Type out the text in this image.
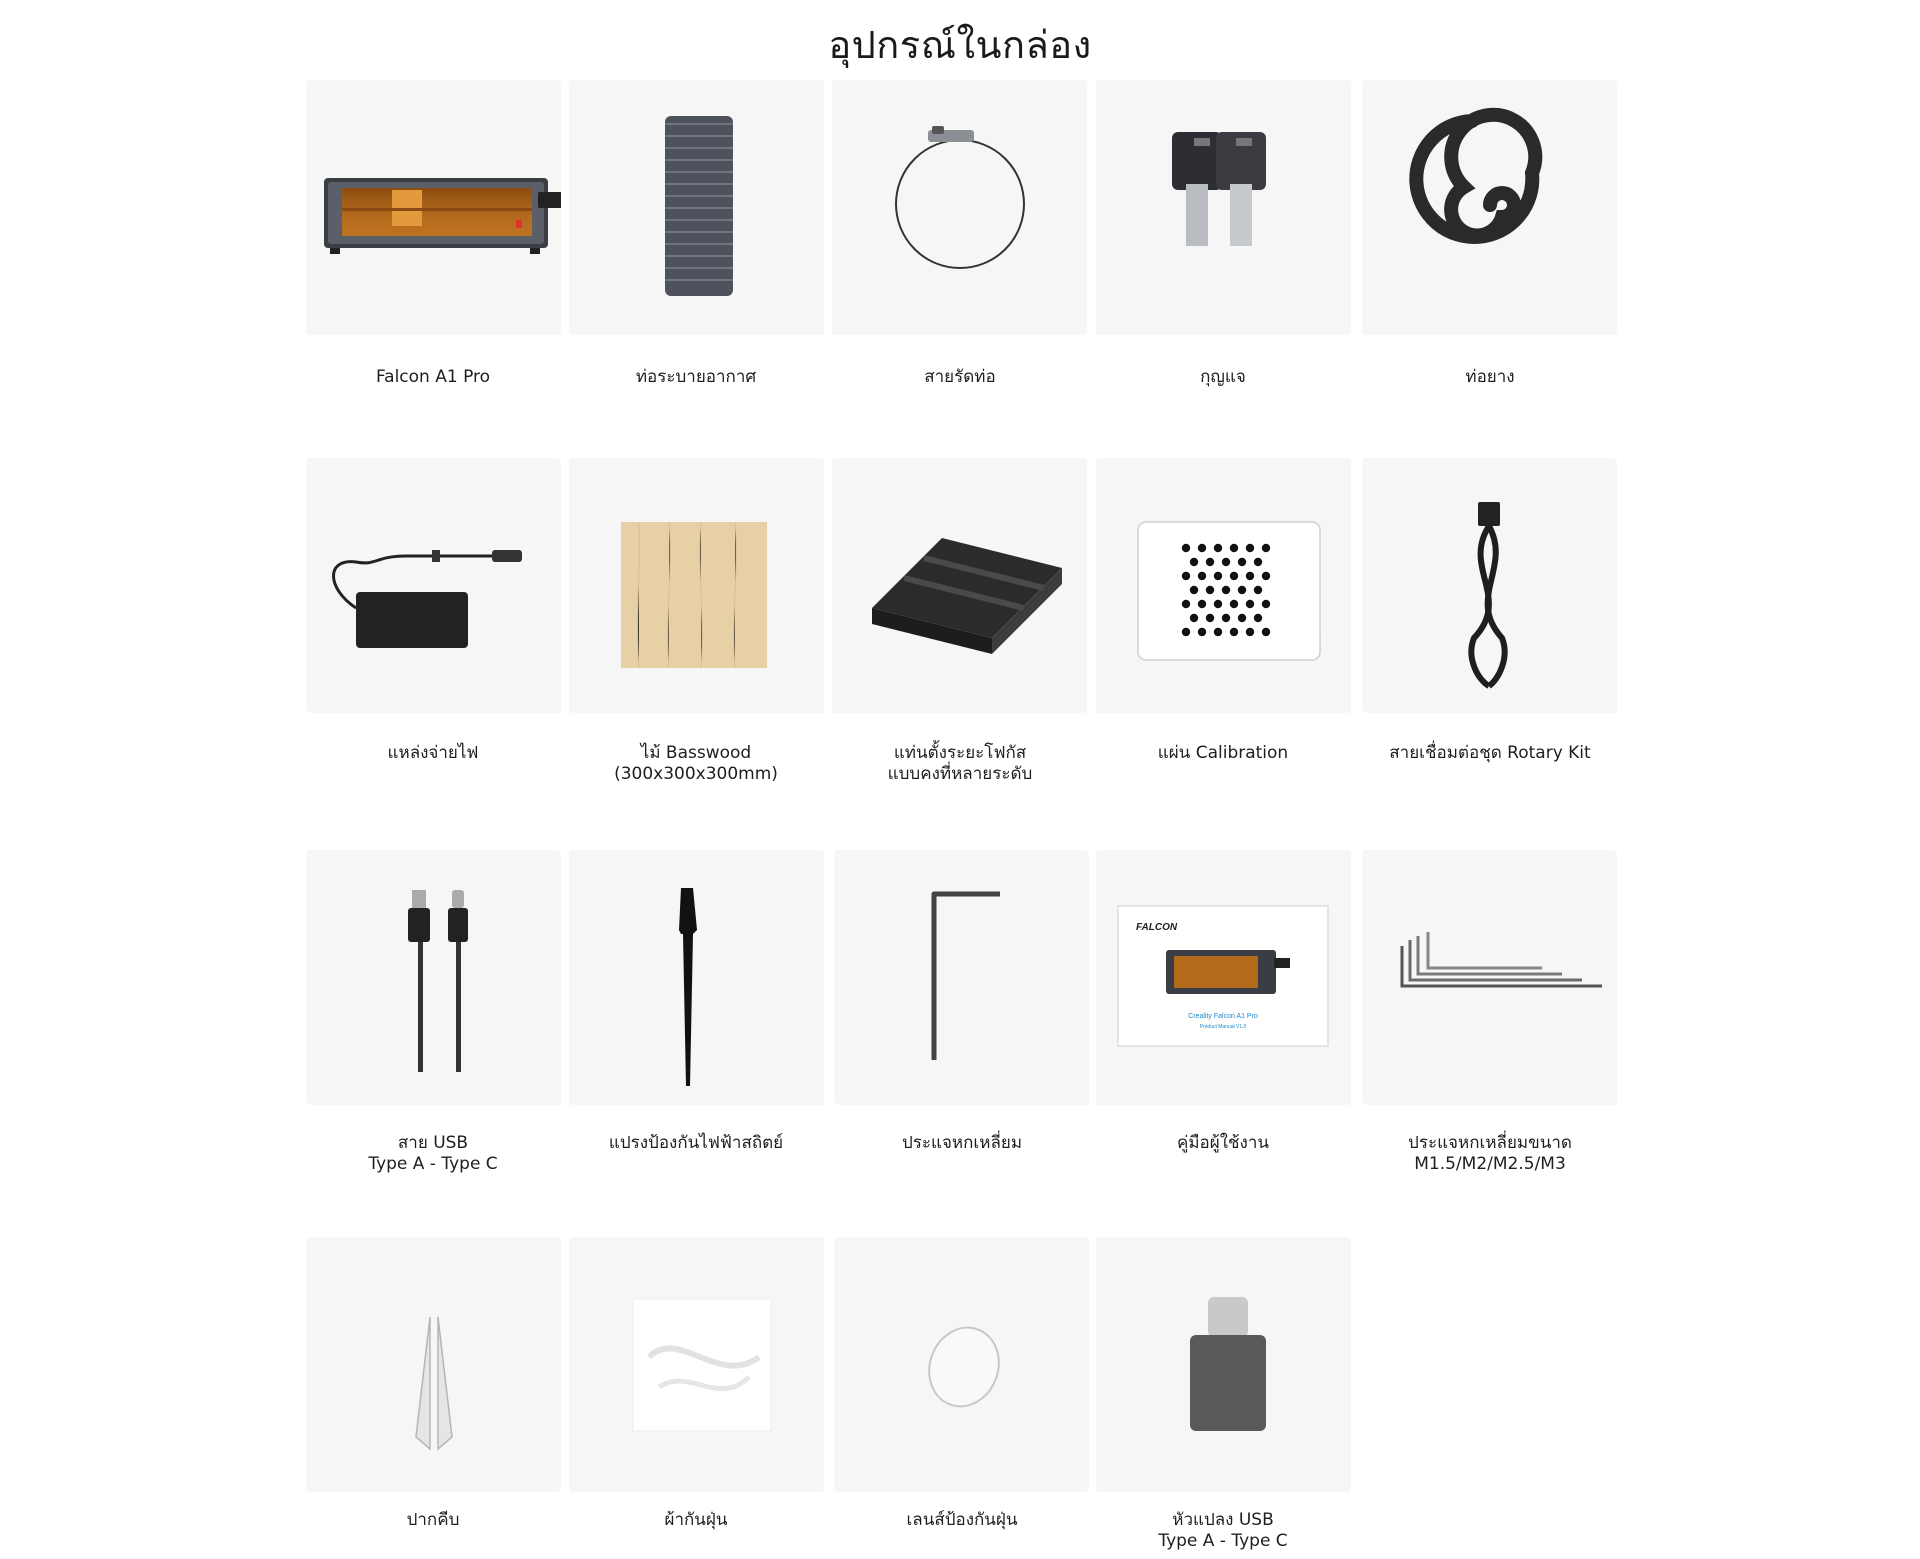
อุปกรณ์ในกล่อง
Falcon A1 Pro	ท่อระบายอากาศ	สายรัดท่อ	กุญแจ	ท่อยาง
แหล่งจ่ายไฟ	ไม้ Basswood
(300x300x300mm)
แท่นตั้งระยะโฟกัส
แบบคงที่หลายระดับ
แผ่น Calibration	สายเชื่อมต่อชุด Rotary Kit
สาย USB
Type A - Type C
แปรงป้องกันไฟฟ้าสถิตย์	ประแจหกเหลี่ยม
FALCON
Creality Falcon A1 Pro
Product Manual V1.0
คู่มือผู้ใช้งาน	ประแจหกเหลี่ยมขนาด
M1.5/M2/M2.5/M3
ปากคีบ	ผ้ากันฝุ่น	เลนส์ป้องกันฝุ่น	หัวแปลง USB
Type A - Type C
